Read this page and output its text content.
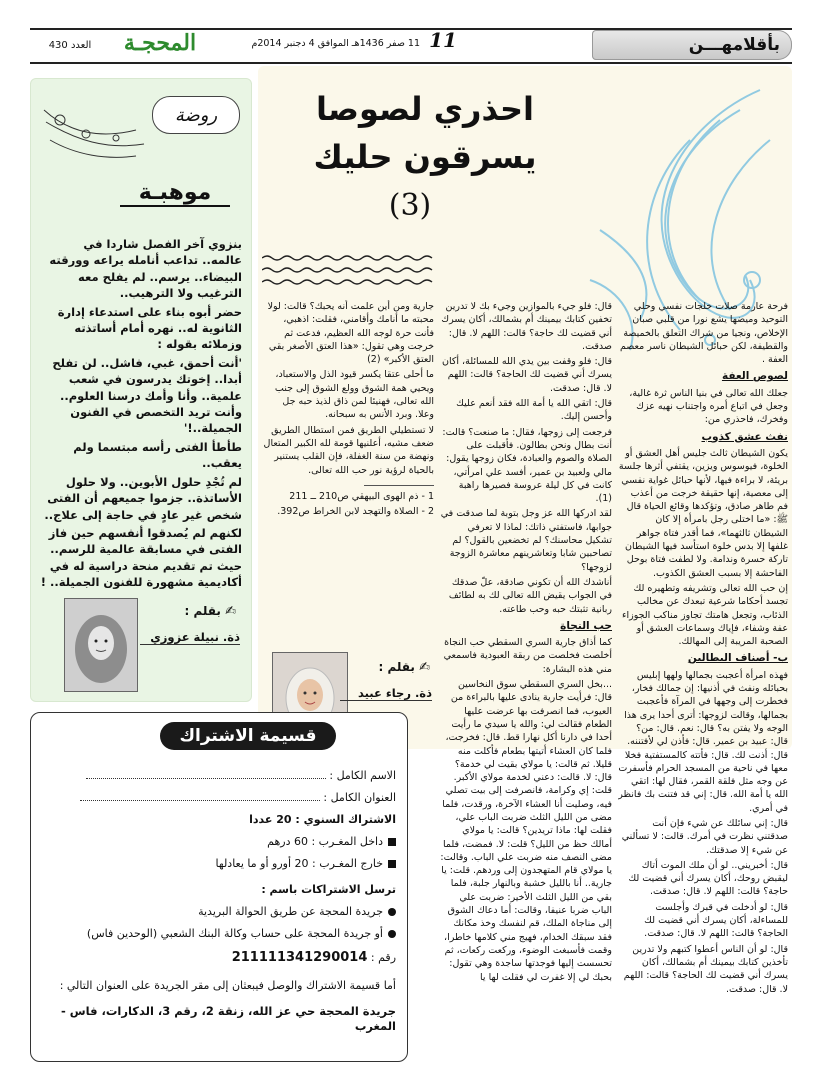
بأقلامهـــن
11
11 صفر 1436هـ الموافق 4 دجنبر 2014م
المحجـة
العدد 430
احذري لصوصا
يسرقون حليك
(3)

فرحة عارمة صلات خلجات نفسي وحلي التوحيد وميضها يشع نورا من قلبي صبان الإخلاص، ونجيا من شراك التعلق بالخميصة والقطيفة، لكن حبائل الشيطان ناسر معصم العفة .

لصوص العفة

جعلك الله تعالى في بنيا الناس ثرة غالية، وجعل في اتباع أمره واجتناب نهيه عزك وفخرك، فاحذري من:

نفث عشق كذوب

يكون الشيطان ثالث جليس أهل العشق أو الخلوة، فيوسوس ويزين، يقتفي أثرها جلسة بريئة، لا براءة فيها، لأنها حبائل غواية نفسي إلى معصية، إنها حقيقة خرجت من أعذب فم طاهر صادق، وتؤكدها وقائع الحياة قال ﷺ: «ما اختلى رجل بامرأة إلا كان الشيطان ثالثهما»، فما أقدر فتاة جواهر غلفها إلا بدس خلوة استأسد فيها الشيطان تاركة حسرة وندامة. ولا لطفت فتاة بوحل الفاحشة إلا بسبب العشق الكذوب.

إن حب الله تعالى وتشريفه وتطهيره لك تجسد أحكاما شرعية تبعدك عن مخالب الذئاب، وتجعل هامتك تجاوز مناكب الجوزاء عفة وشفاء، فإياك وسماعات العشق أو الصحبة المريبة إلى المهالك.

ب- أصناف البطالين

فهذه امرأة أعجبت بجمالها ولهها إبليس بحبائله ونفث في أذنيها: إن جمالك فخار، فخطرت إلى وجهها في المرآة فأعجبت بجمالها، وقالت لزوجها: أترى أحدا يرى هذا الوجه ولا يفتن به؟ قال: نعم. قال: من؟ قال: عبيد بن عمير. قال: فأذن لي لأفتننه. قال: أذنت لك. قال: فأتته كالمستفتية فخلا معها في ناحية من المسجد الحرام فأسفرت عن وجه مثل فلقة القمر، فقال لها: اتقي الله يا أمة الله. قال: إني قد فتنت بك فانظر في أمري.

قال: إني سائلك عن شيء فإن أنت صدقتني نظرت في أمرك. قالت: لا تسألني عن شيء إلا صدقتك.

قال: أخبريني.. لو أن ملك الموت أتاك ليقبض روحك، أكان يسرك أني قضيت لك حاجة؟ قالت: اللهم لا. قال: صدقت.

قال: لو أدخلت في قبرك وأجلست للمساءلة، أكان يسرك أني قضيت لك الحاجة؟ قالت: اللهم لا. قال: صدقت.

قال: لو أن الناس أعطوا كتبهم ولا تدرين تأخذين كتابك بيمينك أم بشمالك، أكان يسرك أني قضيت لك الحاجة؟ قالت: اللهم لا. قال: صدقت.

قال: فلو جيء بالموازين وجيء بك لا تدرين تخفين كتابك بيمينك أم بشمالك، أكان يسرك أني قضيت لك حاجة؟ قالت: اللهم لا. قال: صدقت.

قال: فلو وقفت بين يدي الله للمسائلة، أكان يسرك أني قضيت لك الحاجة؟ قالت: اللهم لا. قال: صدقت.

قال: اتقي الله يا أمة الله فقد أنعم عليك وأحسن إليك.

فرجعت إلى زوجها، فقال: ما صنعت؟ قالت: أنت بطال ونحن بطالون. فأقبلت على الصلاة والصوم والعبادة، فكان زوجها يقول: مالي ولعبيد بن عمير، أفسد علي امرأتي، كانت في كل ليلة عروسة فصيرها راهبة (1).

لقد ادركها الله عز وجل بتوبة لما صدقت في جوابها، فاستفتي ذاتك: لماذا لا تعرفي تشكيل محاسنك؟ لم تخضعين بالقول؟ لم تصاحبين شابا وتعاشرينهم معاشرة الزوجة لزوجها؟

أناشدك الله أن تكوني صادقة، علّ صدقك في الجواب يقيض الله تعالى لك به لطائف ربانية تثبتك حبه وحب طاعته.

حب النجاة

كما أذاق جارية السري السقطي حب النجاة أخلصت فخلصت من ربقة العبودية فاسمعي مني هذه البشارة:

...بخل السري السقطي سوق النخاسين قال: فرأيت جارية ينادى عليها بالبراءة من العيوب، فما انصرفت بها عرضت عليها الطعام فقالت لي: والله يا سيدي ما رأيت أحدا في دارنا أكل نهارا قط. قال: فخرجت، فلما كان العشاء أتيتها بطعام فأكلت منه قليلا. ثم قالت: يا مولاي بقيت لي خدمة؟ قال: لا. قالت: دعني لخدمة مولاي الأكبر. قلت: إي وكرامة، فانصرفت إلى بيت تصلي فيه، وصليت أنا العشاء الآخرة، ورقدت، فلما مضى من الليل الثلث ضربت الباب علي، فقلت لها: ماذا تريدين؟ قالت: يا مولاي أمالك حظ من الليل؟ قلت: لا. فمضت، فلما مضى النصف منه ضربت علي الباب. وقالت: يا مولاي قام المتهجدون إلى وردهم. قلت: يا جارية.. أنا بالليل خشبة وبالنهار جلبة، فلما بقي من الليل الثلث الأخير: ضربت علي الباب ضربا عنيفا، وقالت: أما دعاك الشوق إلى مناجاة الملك، قم لنفسك وخذ مكانك فقد سبقك الخدام، فهيج مني كلامها خاطرا، وقمت فأسبغت الوضوء، وركعت ركعات، ثم تحسست إليها فوجدتها ساجدة وهي تقول: بحبك لي إلا غفرت لي فقلت لها يا

جارية ومن أين علمت أنه يحبك؟ قالت: لولا محبته ما أنامك وأقامني، فقلت: اذهبي، فأنت حرة لوجه الله العظيم، فدعت ثم خرجت وهي تقول: «هذا العتق الأصغر بقي العتق الأكبر» (2)

ما أحلى عتقا يكسر قيود الذل والاستعباد، ويحيي همة الشوق وولع الشوق إلى جنب الله تعالى، فهنيئا لمن ذاق لذيذ حبه جل وعلا. وبرد الأنس به سبحانه.

لا تستطيلي الطريق فمن استطال الطريق ضعف مشيه، أعلنيها قومة لله الكبير المتعال ونهضة من سنة الغفلة، فإن القلب يستنير بالحياة لرؤية نور حب الله تعالى.

1 - ذم الهوى البيهقي ص210 ــ 211

2 - الصلاة والتهجد لابن الخراط ص392.

✍ بقلم :
ذة. رجاء عبيد
روضة
موهبـة

بنزوي آخر الفصل شاردا في عالمه.. تداعب أنامله يراعه وورقته البيضاء.. يرسم.. لم يفلح معه الترغيب ولا الترهيب..

حضر أبوه بناء على استدعاء إدارة الثانوية له.. نهره أمام أساتذته وزملائه بقوله :

'أنت أحمق، غبي، فاشل.. لن تفلح أبدا.. إخوتك يدرسون في شعب علمية.. وأنا وأمك درسنا العلوم.. وأنت تريد التخصص في الفنون الجميلة..!'

طأطأ الفتى رأسه مبتسما ولم يعقب..

لم تُجْدِ حلول الأبوين.. ولا حلول الأساتذة.. جزموا جميعهم أن الفتى شخص غير عادٍ في حاجة إلى علاج..

لكنهم لم يُصدقوا أنفسهم حين فاز الفتى في مسابقة عالمية للرسم.. حيث تم تقديم منحة دراسية له في أكاديمية مشهورة للفنون الجميلة.. !

✍ بقلم :
ذة. نبيلة عزوزي
قسيمة الاشتراك
الاسم الكامل :
العنوان الكامل :
الاشتراك السنوي : 20 عددا
داخل المغـرب : 60 درهم
خارج المغـرب : 20 أورو أو ما يعادلها
ترسل الاشتراكات باسم :
جريدة المحجة عن طريق الحوالة البريدية
أو جريدة المحجة على حساب وكالة البنك الشعبي (الوحدين فاس)
رقم : 211111341290014
أما قسيمة الاشتراك والوصل فيبعثان إلى مقر الجريدة على العنوان التالي :
جريدة المحجة حي عز الله، زنقة 2، رقم 3، الدكارات، فاس - المغرب
